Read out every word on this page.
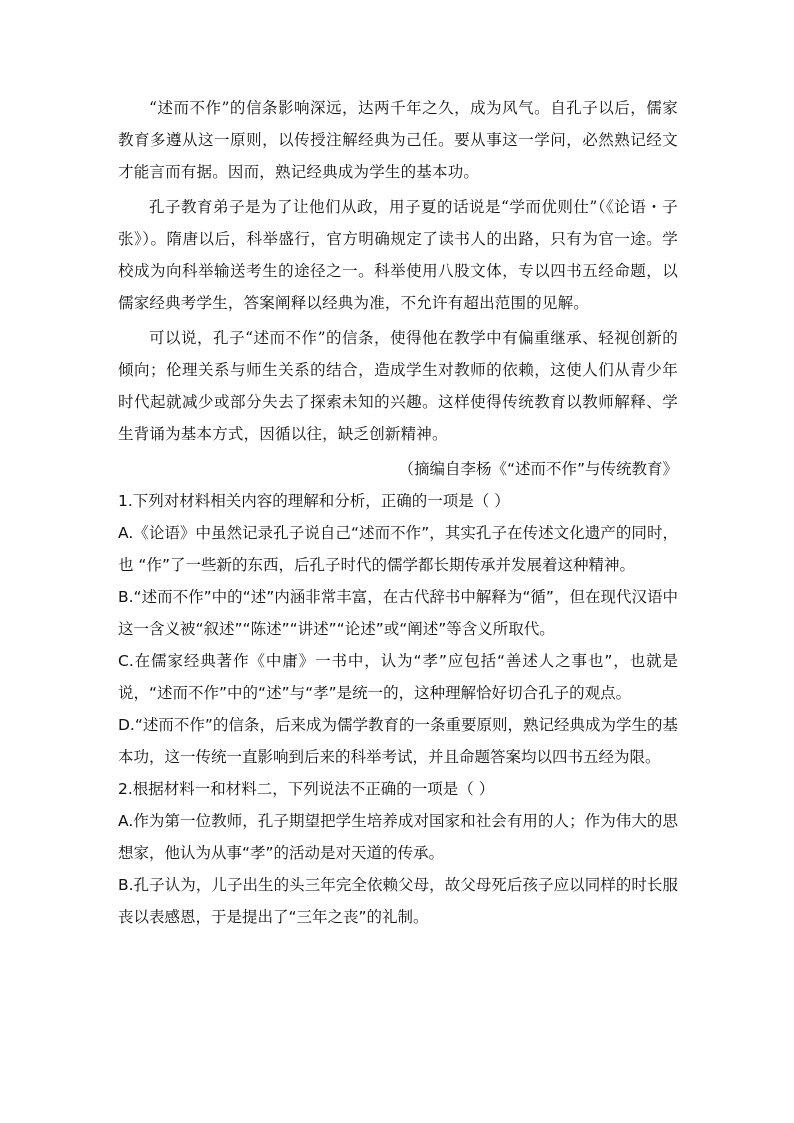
“述而不作”的信条影响深远，达两千年之久，成为风气。自孔子以后，儒家教育多遵从这一原则，以传授注解经典为己任。要从事这一学问，必然熟记经文才能言而有据。因而，熟记经典成为学生的基本功。

孔子教育弟子是为了让他们从政，用子夏的话说是“学而优则仕”（《论语・子张》）。隋唐以后，科举盛行，官方明确规定了读书人的出路，只有为官一途。学校成为向科举输送考生的途径之一。科举使用八股文体，专以四书五经命题，以儒家经典考学生，答案阐释以经典为准，不允许有超出范围的见解。

可以说，孔子“述而不作”的信条，使得他在教学中有偏重继承、轻视创新的倾向；伦理关系与师生关系的结合，造成学生对教师的依赖，这使人们从青少年时代起就减少或部分失去了探索未知的兴趣。这样使得传统教育以教师解释、学生背诵为基本方式，因循以往，缺乏创新精神。

（摘编自李杨《“述而不作”与传统教育》

1.下列对材料相关内容的理解和分析，正确的一项是（ ）

A.《论语》中虽然记录孔子说自己“述而不作”，其实孔子在传述文化遗产的同时，也 “作”了一些新的东西，后孔子时代的儒学都长期传承并发展着这种精神。

B.“述而不作”中的“述”内涵非常丰富，在古代辞书中解释为“循”，但在现代汉语中这一含义被“叙述”“陈述”“讲述”“论述”或“阐述”等含义所取代。

C.在儒家经典著作《中庸》一书中，认为“孝”应包括“善述人之事也”，也就是说，“述而不作”中的“述”与“孝”是统一的，这种理解恰好切合孔子的观点。

D.“述而不作”的信条，后来成为儒学教育的一条重要原则，熟记经典成为学生的基本功，这一传统一直影响到后来的科举考试，并且命题答案均以四书五经为限。

2.根据材料一和材料二，下列说法不正确的一项是（ ）

A.作为第一位教师，孔子期望把学生培养成对国家和社会有用的人；作为伟大的思想家，他认为从事“孝”的活动是对天道的传承。

B.孔子认为，儿子出生的头三年完全依赖父母，故父母死后孩子应以同样的时长服丧以表感恩，于是提出了“三年之丧”的礼制。
